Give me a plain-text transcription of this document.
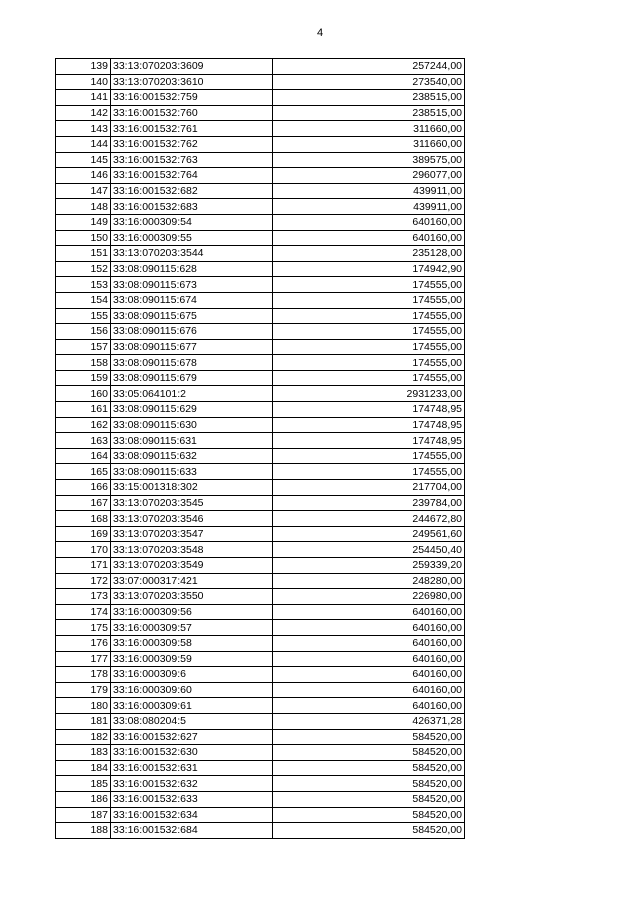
4
139	33:13:070203:3609	257244,00
140	33:13:070203:3610	273540,00
141	33:16:001532:759	238515,00
142	33:16:001532:760	238515,00
143	33:16:001532:761	311660,00
144	33:16:001532:762	311660,00
145	33:16:001532:763	389575,00
146	33:16:001532:764	296077,00
147	33:16:001532:682	439911,00
148	33:16:001532:683	439911,00
149	33:16:000309:54	640160,00
150	33:16:000309:55	640160,00
151	33:13:070203:3544	235128,00
152	33:08:090115:628	174942,90
153	33:08:090115:673	174555,00
154	33:08:090115:674	174555,00
155	33:08:090115:675	174555,00
156	33:08:090115:676	174555,00
157	33:08:090115:677	174555,00
158	33:08:090115:678	174555,00
159	33:08:090115:679	174555,00
160	33:05:064101:2	2931233,00
161	33:08:090115:629	174748,95
162	33:08:090115:630	174748,95
163	33:08:090115:631	174748,95
164	33:08:090115:632	174555,00
165	33:08:090115:633	174555,00
166	33:15:001318:302	217704,00
167	33:13:070203:3545	239784,00
168	33:13:070203:3546	244672,80
169	33:13:070203:3547	249561,60
170	33:13:070203:3548	254450,40
171	33:13:070203:3549	259339,20
172	33:07:000317:421	248280,00
173	33:13:070203:3550	226980,00
174	33:16:000309:56	640160,00
175	33:16:000309:57	640160,00
176	33:16:000309:58	640160,00
177	33:16:000309:59	640160,00
178	33:16:000309:6	640160,00
179	33:16:000309:60	640160,00
180	33:16:000309:61	640160,00
181	33:08:080204:5	426371,28
182	33:16:001532:627	584520,00
183	33:16:001532:630	584520,00
184	33:16:001532:631	584520,00
185	33:16:001532:632	584520,00
186	33:16:001532:633	584520,00
187	33:16:001532:634	584520,00
188	33:16:001532:684	584520,00
